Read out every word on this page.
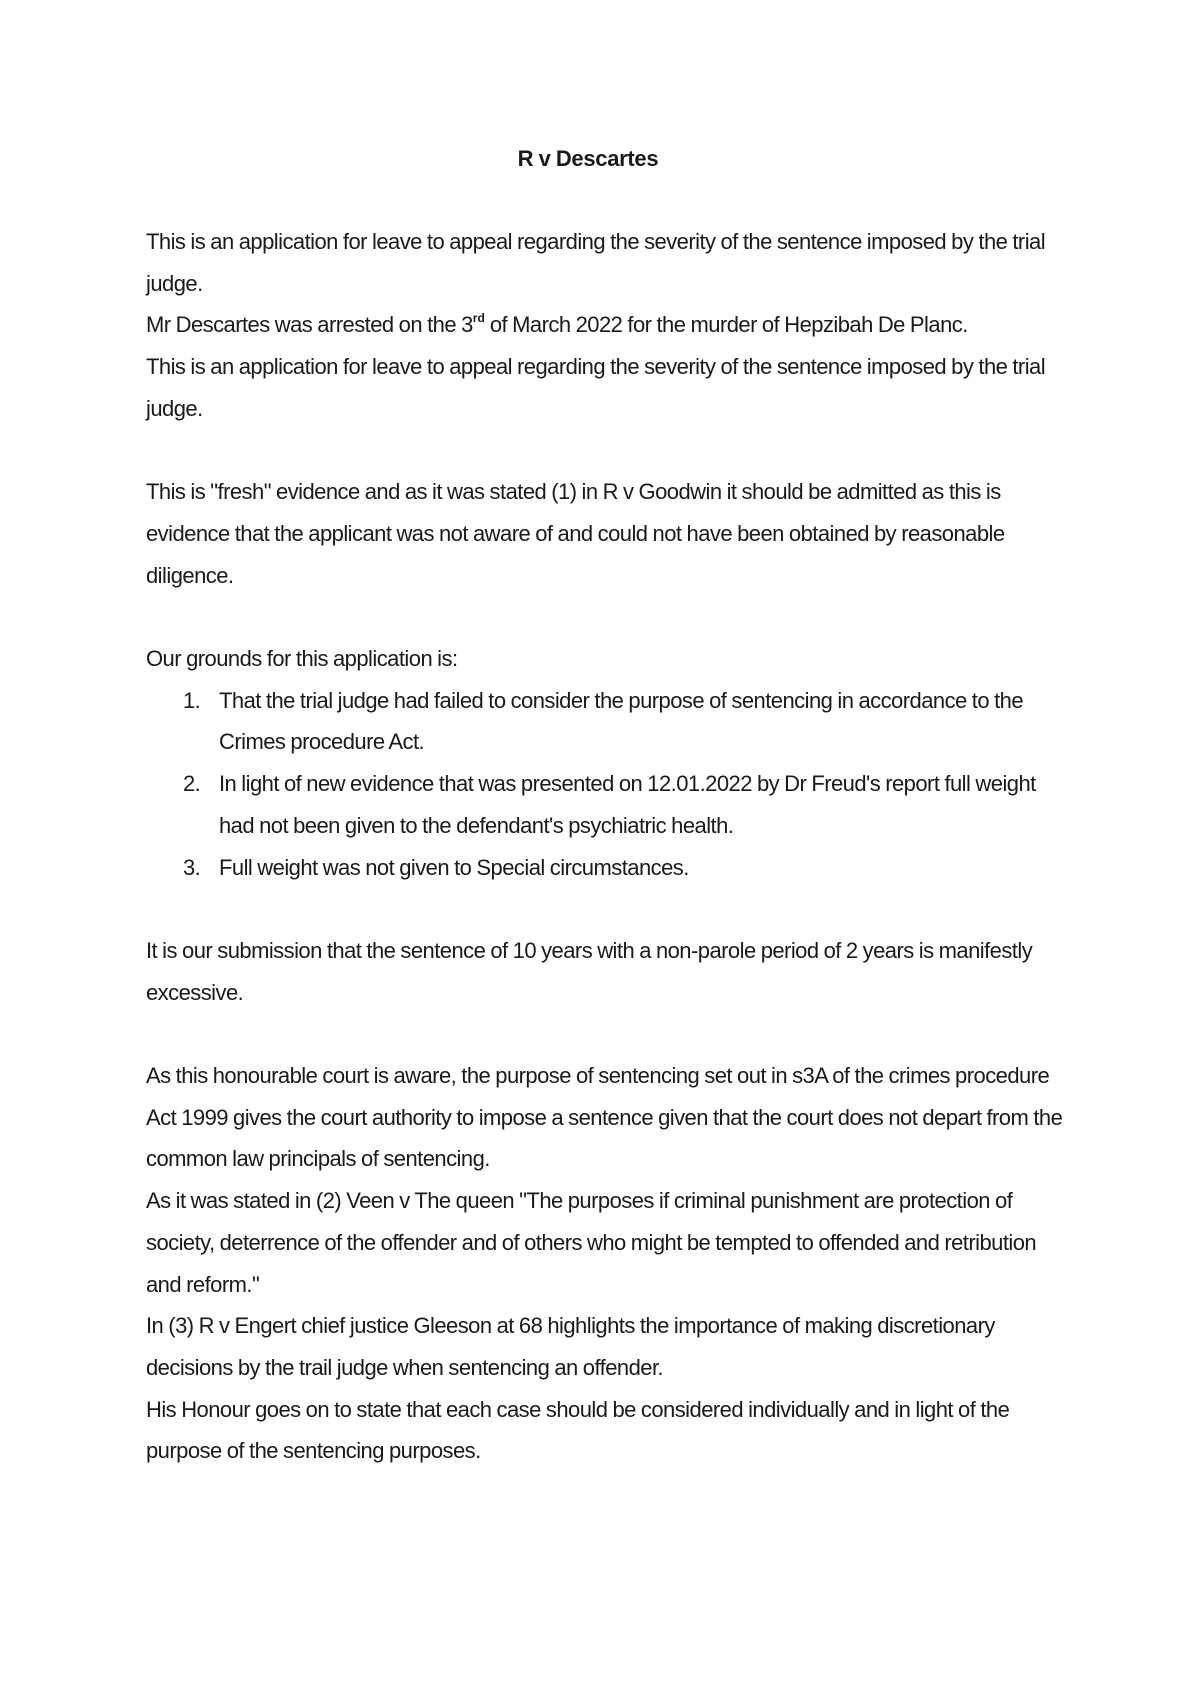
R v Descartes

This is an application for leave to appeal regarding the severity of the sentence imposed by the trial judge.

Mr Descartes was arrested on the 3rd of March 2022 for the murder of Hepzibah De Planc.

This is an application for leave to appeal regarding the severity of the sentence imposed by the trial judge.

This is "fresh" evidence and as it was stated (1) in R v Goodwin it should be admitted as this is evidence that the applicant was not aware of and could not have been obtained by reasonable diligence.

Our grounds for this application is:

1. That the trial judge had failed to consider the purpose of sentencing in accordance to the Crimes procedure Act.
2. In light of new evidence that was presented on 12.01.2022 by Dr Freud's report full weight had not been given to the defendant's psychiatric health.
3. Full weight was not given to Special circumstances.

It is our submission that the sentence of 10 years with a non-parole period of 2 years is manifestly excessive.

As this honourable court is aware, the purpose of sentencing set out in s3A of the crimes procedure Act 1999 gives the court authority to impose a sentence given that the court does not depart from the common law principals of sentencing.

As it was stated in (2) Veen v The queen "The purposes if criminal punishment are protection of society, deterrence of the offender and of others who might be tempted to offended and retribution and reform."

In (3) R v Engert chief justice Gleeson at 68 highlights the importance of making discretionary decisions by the trail judge when sentencing an offender.

His Honour goes on to state that each case should be considered individually and in light of the purpose of the sentencing purposes.
